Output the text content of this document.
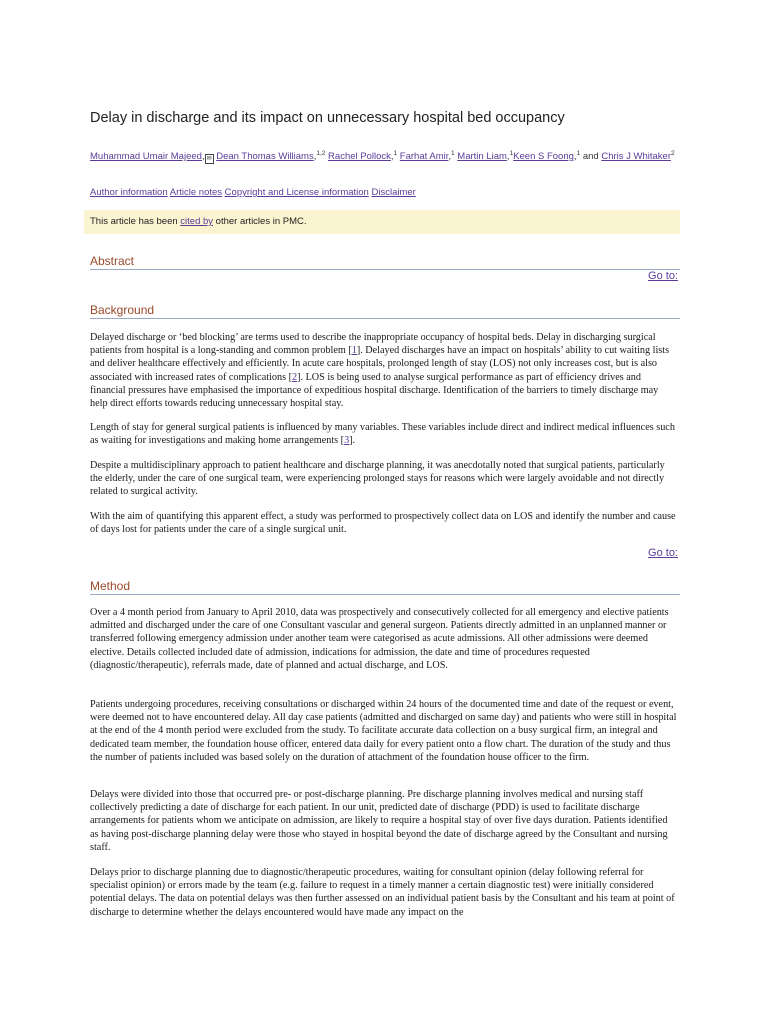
Delay in discharge and its impact on unnecessary hospital bed occupancy
Muhammad Umair Majeed, ✉ Dean Thomas Williams,$^{1,2}$ Rachel Pollock,$^1$ Farhat Amir,$^1$ Martin Liam,$^1$Keen S Foong,$^1$ and Chris J Whitaker$^2$
Author information Article notes Copyright and License information Disclaimer
This article has been cited by other articles in PMC.
Abstract
Go to:
Background

Delayed discharge or ‘bed blocking’ are terms used to describe the inappropriate occupancy of hospital beds. Delay in discharging surgical patients from hospital is a long-standing and common problem [1]. Delayed discharges have an impact on hospitals’ ability to cut waiting lists and deliver healthcare effectively and efficiently. In acute care hospitals, prolonged length of stay (LOS) not only increases cost, but is also associated with increased rates of complications [2]. LOS is being used to analyse surgical performance as part of efficiency drives and financial pressures have emphasised the importance of expeditious hospital discharge. Identification of the barriers to timely discharge may help direct efforts towards reducing unnecessary hospital stay.

Length of stay for general surgical patients is influenced by many variables. These variables include direct and indirect medical influences such as waiting for investigations and making home arrangements [3].

Despite a multidisciplinary approach to patient healthcare and discharge planning, it was anecdotally noted that surgical patients, particularly the elderly, under the care of one surgical team, were experiencing prolonged stays for reasons which were largely avoidable and not directly related to surgical activity.

With the aim of quantifying this apparent effect, a study was performed to prospectively collect data on LOS and identify the number and cause of days lost for patients under the care of a single surgical unit.

Go to:
Method

Over a 4 month period from January to April 2010, data was prospectively and consecutively collected for all emergency and elective patients admitted and discharged under the care of one Consultant vascular and general surgeon. Patients directly admitted in an unplanned manner or transferred following emergency admission under another team were categorised as acute admissions. All other admissions were deemed elective. Details collected included date of admission, indications for admission, the date and time of procedures requested (diagnostic/therapeutic), referrals made, date of planned and actual discharge, and LOS.

Patients undergoing procedures, receiving consultations or discharged within 24 hours of the documented time and date of the request or event, were deemed not to have encountered delay. All day case patients (admitted and discharged on same day) and patients who were still in hospital at the end of the 4 month period were excluded from the study. To facilitate accurate data collection on a busy surgical firm, an integral and dedicated team member, the foundation house officer, entered data daily for every patient onto a flow chart. The duration of the study and thus the number of patients included was based solely on the duration of attachment of the foundation house officer to the firm.

Delays were divided into those that occurred pre- or post-discharge planning. Pre discharge planning involves medical and nursing staff collectively predicting a date of discharge for each patient. In our unit, predicted date of discharge (PDD) is used to facilitate discharge arrangements for patients whom we anticipate on admission, are likely to require a hospital stay of over five days duration. Patients identified as having post-discharge planning delay were those who stayed in hospital beyond the date of discharge agreed by the Consultant and nursing staff.

Delays prior to discharge planning due to diagnostic/therapeutic procedures, waiting for consultant opinion (delay following referral for specialist opinion) or errors made by the team (e.g. failure to request in a timely manner a certain diagnostic test) were initially considered potential delays. The data on potential delays was then further assessed on an individual patient basis by the Consultant and his team at point of discharge to determine whether the delays encountered would have made any impact on the
